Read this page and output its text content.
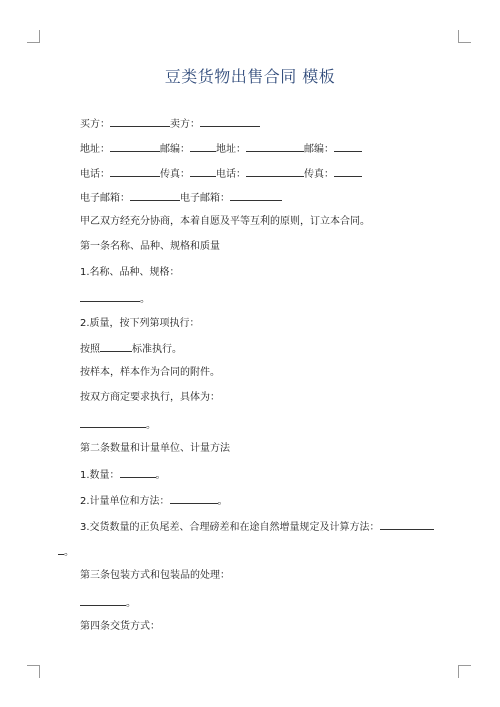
豆类货物出售合同 模板
买方：	卖方：
地址：	邮编：	地址：	邮编：
电话：	传真：	电话：	传真：
电子邮箱：	电子邮箱：
甲乙双方经充分协商，本着自愿及平等互利的原则，订立本合同。
第一条名称、品种、规格和质量
1.名称、品种、规格：
。
2.质量，按下列第项执行：
按照	标准执行。
按样本，样本作为合同的附件。
按双方商定要求执行，具体为：
。
第二条数量和计量单位、计量方法
1.数量：	。
2.计量单位和方法：	。
3.交货数量的正负尾差、合理磅差和在途自然增量规定及计算方法：
。
第三条包装方式和包装品的处理：
。
第四条交货方式：
